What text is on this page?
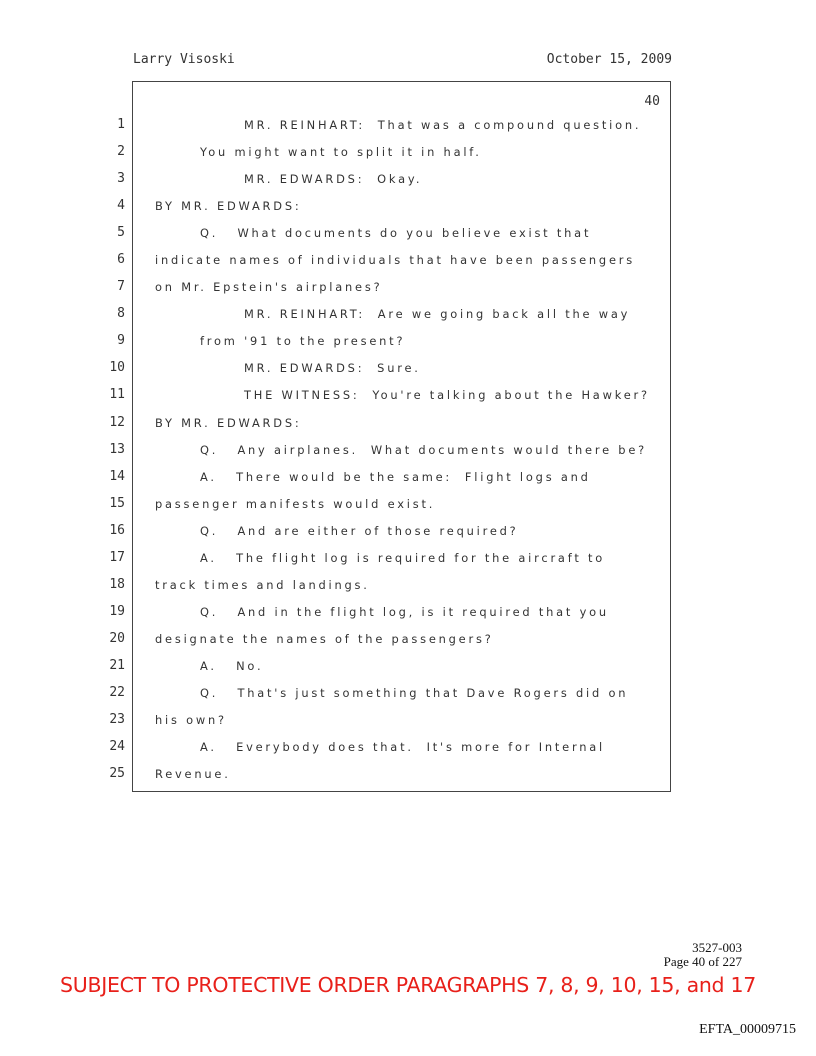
Larry Visoski	October 15, 2009
40
1	MR. REINHART:  That was a compound question.
2	You might want to split it in half.
3	MR. EDWARDS:  Okay.
4	BY MR. EDWARDS:
5	Q.   What documents do you believe exist that
6	indicate names of individuals that have been passengers
7	on Mr. Epstein's airplanes?
8	MR. REINHART:  Are we going back all the way
9	from '91 to the present?
10	MR. EDWARDS:  Sure.
11	THE WITNESS:  You're talking about the Hawker?
12	BY MR. EDWARDS:
13	Q.   Any airplanes.  What documents would there be?
14	A.   There would be the same:  Flight logs and
15	passenger manifests would exist.
16	Q.   And are either of those required?
17	A.   The flight log is required for the aircraft to
18	track times and landings.
19	Q.   And in the flight log, is it required that you
20	designate the names of the passengers?
21	A.   No.
22	Q.   That's just something that Dave Rogers did on
23	his own?
24	A.   Everybody does that.  It's more for Internal
25	Revenue.
3527-003
Page 40 of 227
SUBJECT TO PROTECTIVE ORDER PARAGRAPHS 7, 8, 9, 10, 15, and 17
EFTA_00009715
